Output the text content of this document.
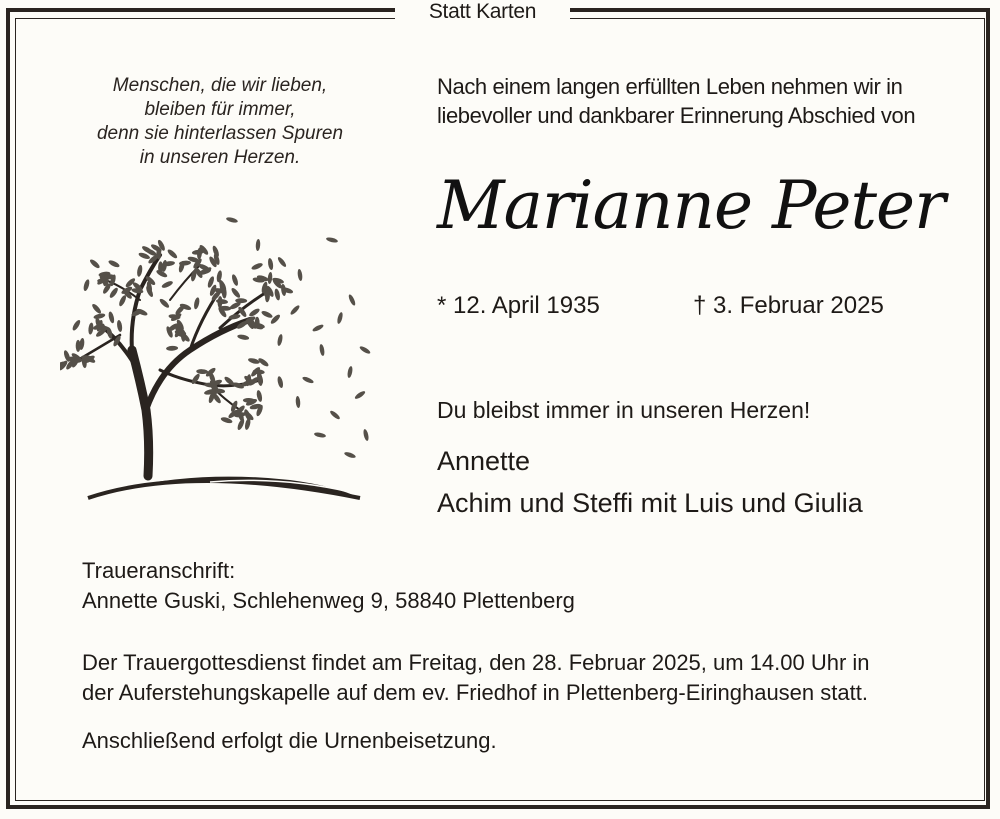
Statt Karten
Menschen, die wir lieben,
bleiben für immer,
denn sie hinterlassen Spuren
in unseren Herzen.
Nach einem langen erfüllten Leben nehmen wir in
liebevoller und dankbarer Erinnerung Abschied von
Marianne Peter
* 12. April 1935	† 3. Februar 2025
Du bleibst immer in unseren Herzen!
Annette
Achim und Steffi mit Luis und Giulia
Traueranschrift:
Annette Guski, Schlehenweg 9, 58840 Plettenberg
Der Trauergottesdienst findet am Freitag, den 28. Februar 2025, um 14.00 Uhr in
der Auferstehungskapelle auf dem ev. Friedhof in Plettenberg-Eiringhausen statt.
Anschließend erfolgt die Urnenbeisetzung.
